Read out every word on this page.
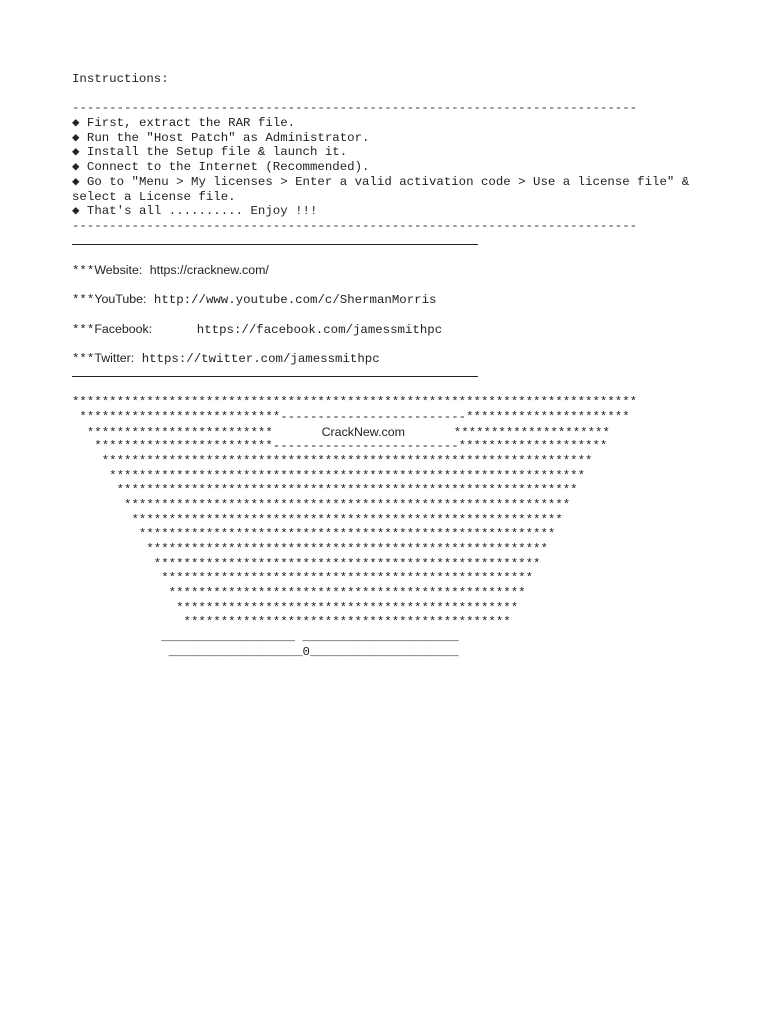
Instructions:
----------------------------------------------------------------------------
◆ First, extract the RAR file.
◆ Run the "Host Patch" as Administrator.
◆ Install the Setup file & launch it.
◆ Connect to the Internet (Recommended).
◆ Go to "Menu > My licenses > Enter a valid activation code > Use a license file" &
select a License file.
◆ That's all .......... Enjoy !!!
----------------------------------------------------------------------------
***Website: https://cracknew.com/
***YouTube: http://www.youtube.com/c/ShermanMorris
***Facebook:	https://facebook.com/jamessmithpc
***Twitter: https://twitter.com/jamessmithpc
****************************************************************************
***************************-------------------------**********************
*************************	CrackNew.com	*********************
************************-------------------------********************
******************************************************************
****************************************************************
**************************************************************
************************************************************
**********************************************************
********************************************************
******************************************************
****************************************************
**************************************************
************************************************
**********************************************
********************************************
__________________ _____________________
__________________0____________________
